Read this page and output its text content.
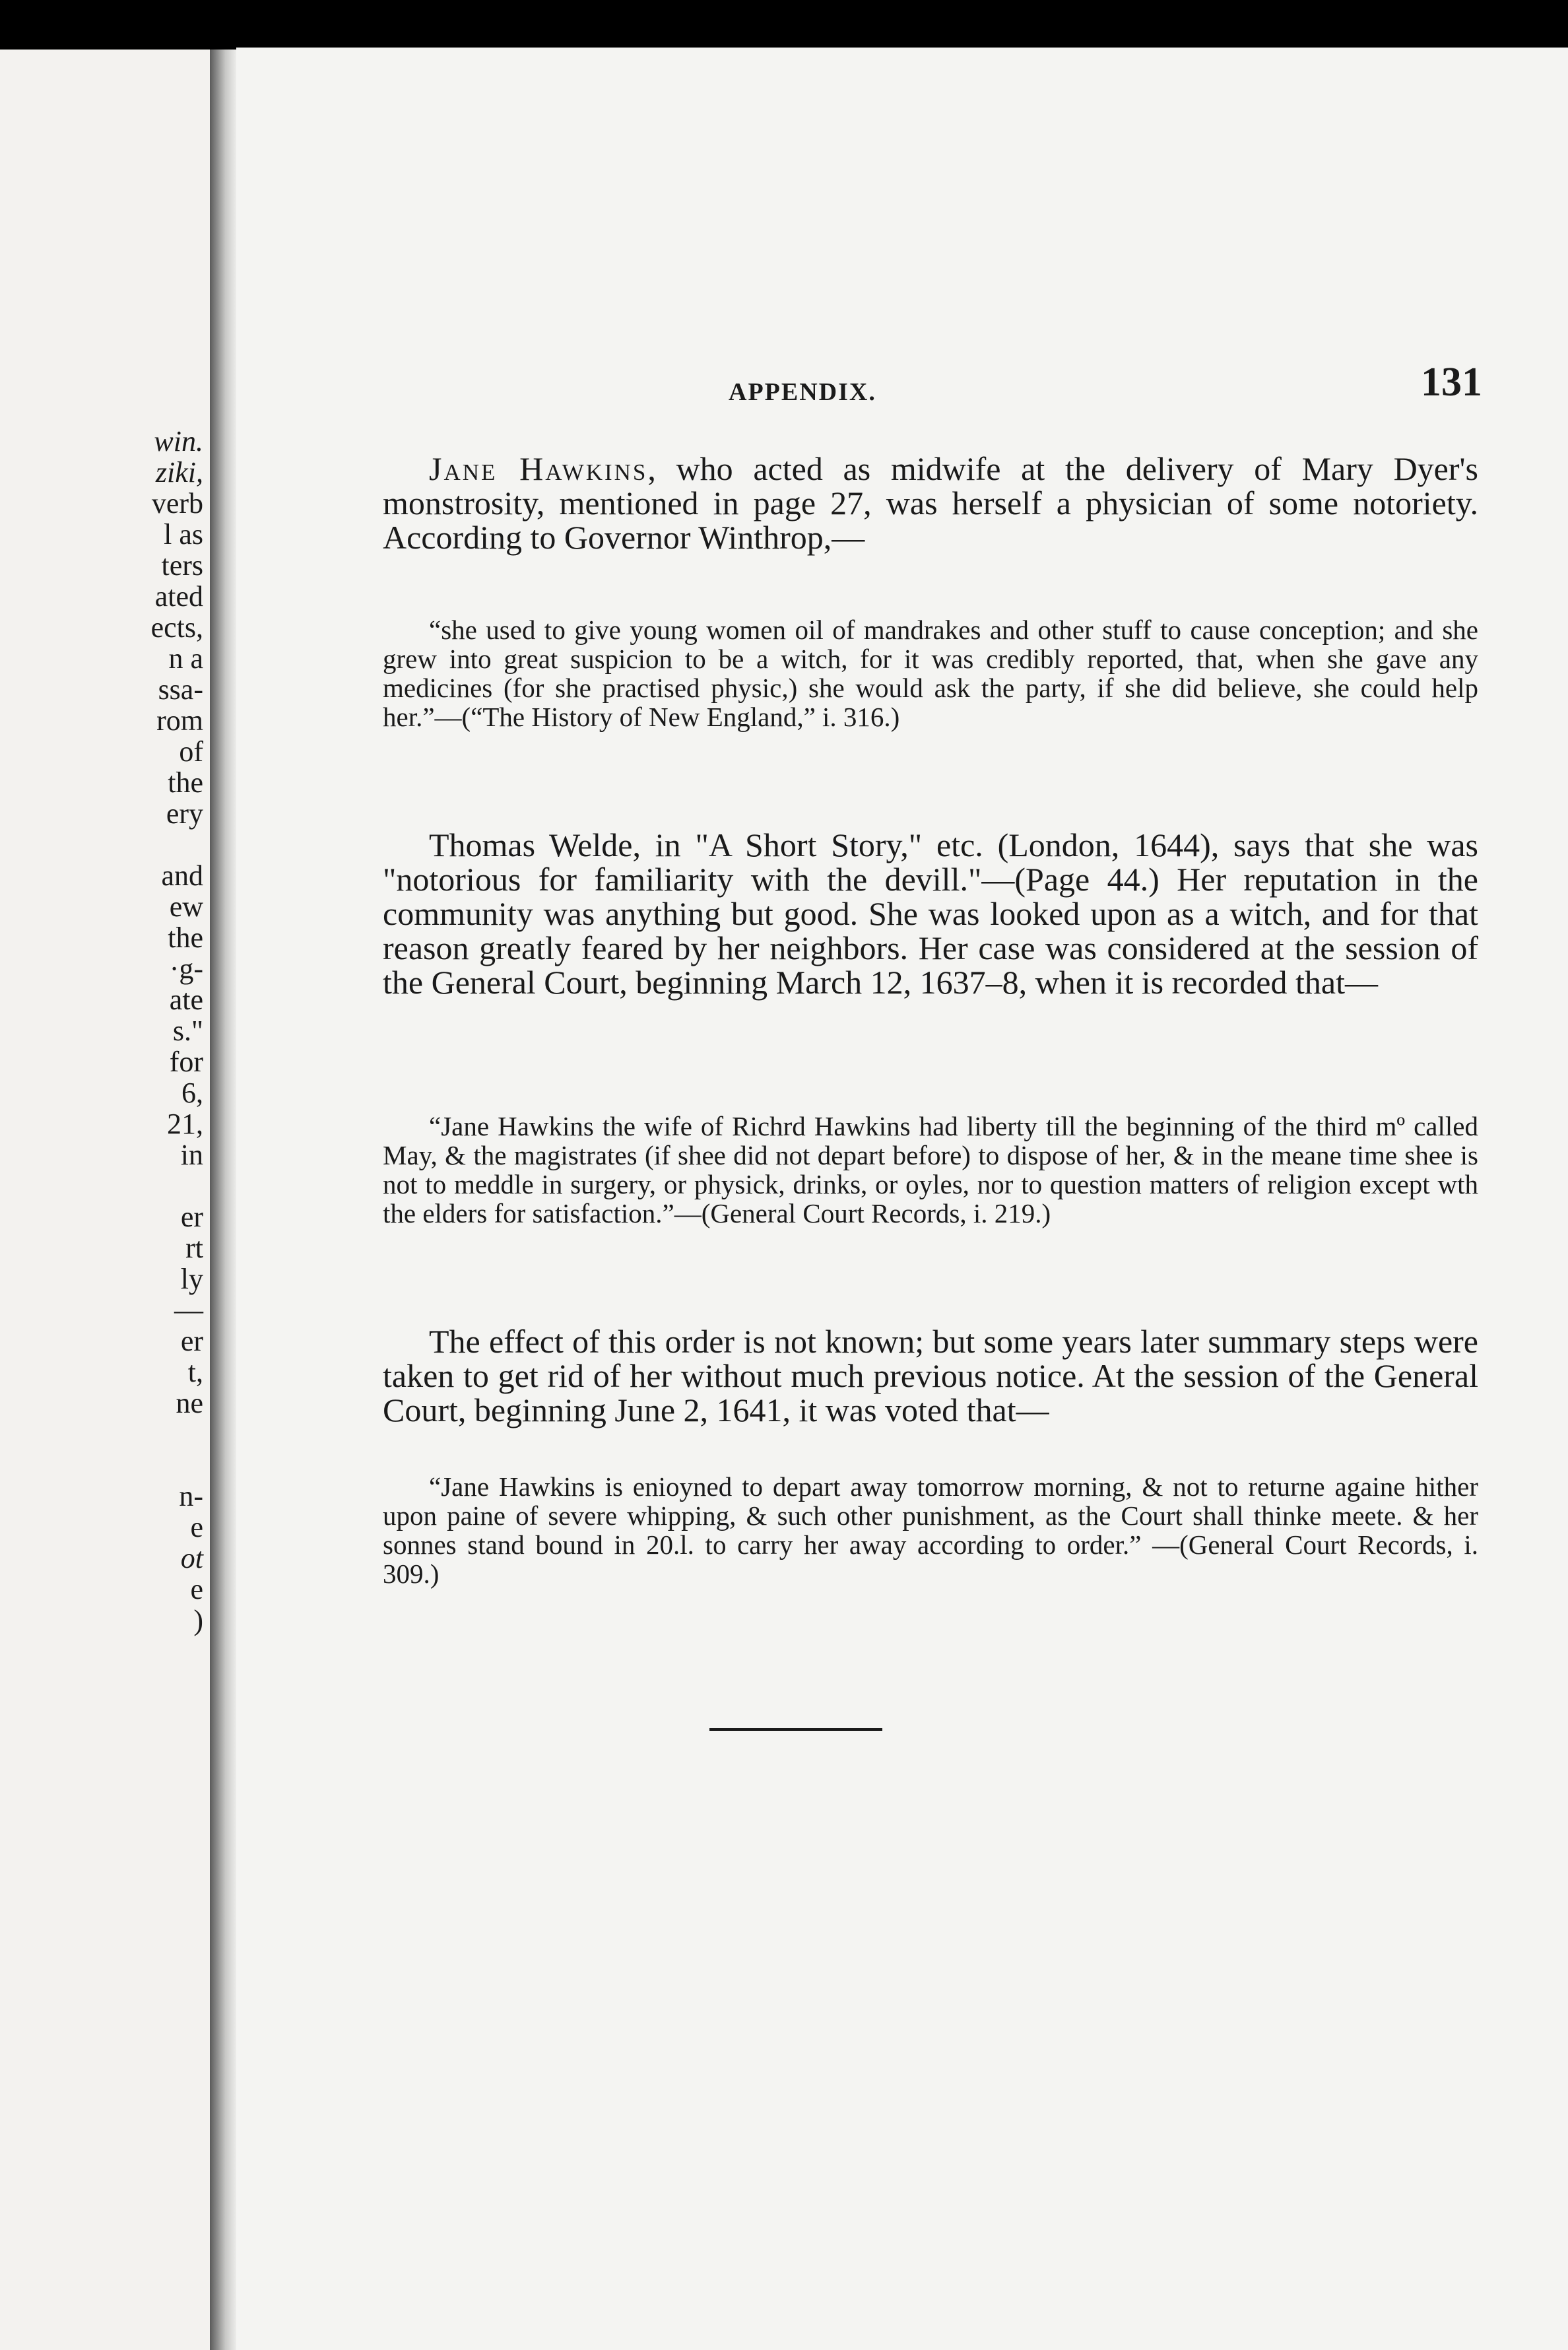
win.
ziki,
verb
l as
ters
ated
ects,
n a
ssa-
rom
of
the
ery
and
ew
the
·g-
ate
s."
for
6,
21,
in
er
rt
ly
—
er
t,
ne
n-
e
ot
e
)
APPENDIX.	131
Jane Hawkins, who acted as midwife at the delivery of Mary Dyer's monstrosity, mentioned in page 27, was herself a physician of some notoriety. According to Governor Winthrop,—
“she used to give young women oil of mandrakes and other stuff to cause conception; and she grew into great suspicion to be a witch, for it was credibly reported, that, when she gave any medicines (for she practised physic,) she would ask the party, if she did believe, she could help her.”—(“The History of New England,” i. 316.)
Thomas Welde, in "A Short Story," etc. (London, 1644), says that she was "notorious for familiarity with the devill."—(Page 44.) Her reputation in the community was anything but good. She was looked upon as a witch, and for that reason greatly feared by her neighbors. Her case was considered at the session of the General Court, beginning March 12, 1637–8, when it is recorded that—
“Jane Hawkins the wife of Richrd Hawkins had liberty till the beginning of the third mº called May, & the magistrates (if shee did not depart before) to dispose of her, & in the meane time shee is not to meddle in surgery, or physick, drinks, or oyles, nor to question matters of religion except wth the elders for satisfaction.”—(General Court Records, i. 219.)
The effect of this order is not known; but some years later summary steps were taken to get rid of her without much previous notice. At the session of the General Court, beginning June 2, 1641, it was voted that—
“Jane Hawkins is enioyned to depart away tomorrow morning, & not to returne againe hither upon paine of severe whipping, & such other punishment, as the Court shall thinke meete. & her sonnes stand bound in 20.l. to carry her away according to order.” —(General Court Records, i. 309.)
